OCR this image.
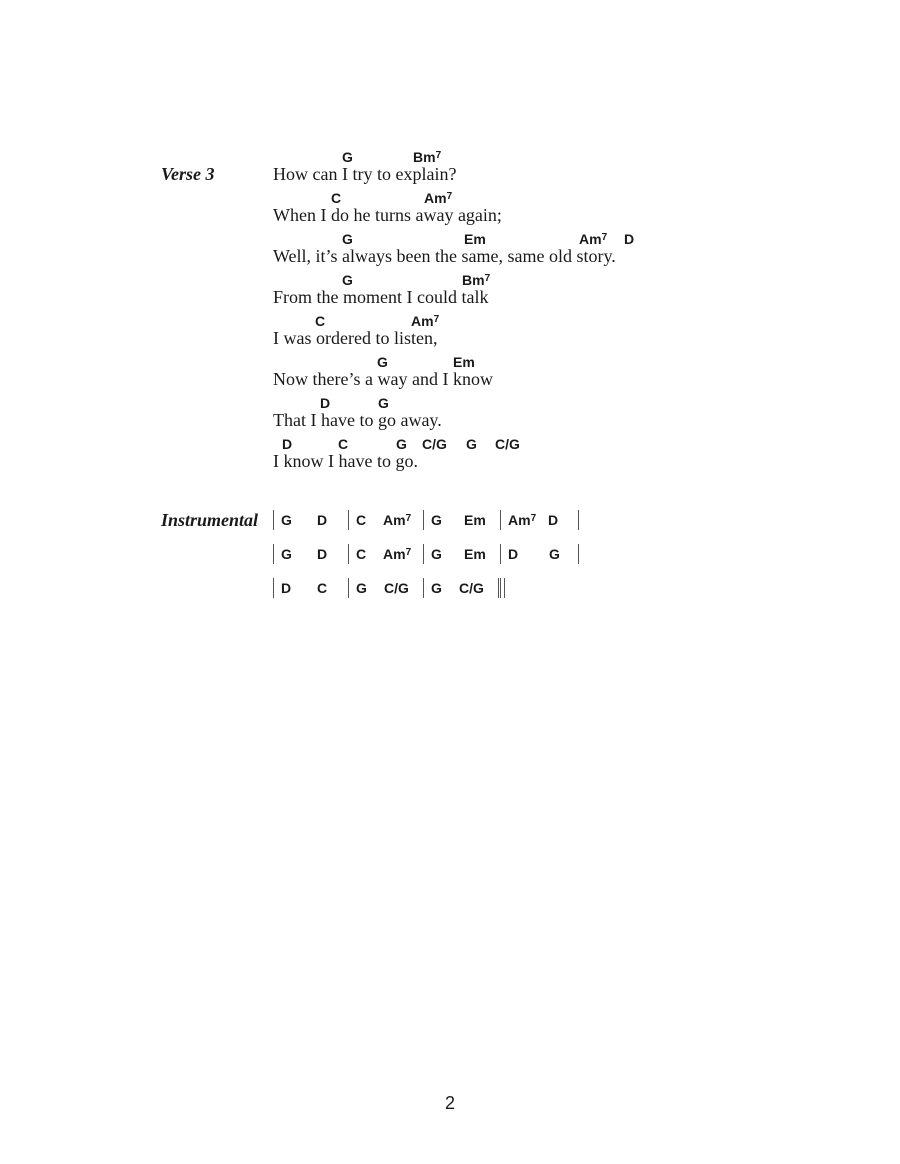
Verse 3	How can I try to explain?
G	Bm$^7$
When I do he turns away again;
C	Am$^7$
Well, it’s always been the same, same old story.
G	Em	Am$^7$ D
From the moment I could talk
G	Bm$^7$
I was ordered to listen,
C	Am$^7$
Now there’s a way and I know
G	Em
That I have to go away.
D	G
I know I have to go.
D	C	G C/G G C/G
Instrumental G D C Am$^7$ G Em Am$^7$ D
G D C Am$^7$ G Em D G
D C G C/G G C/G
2
